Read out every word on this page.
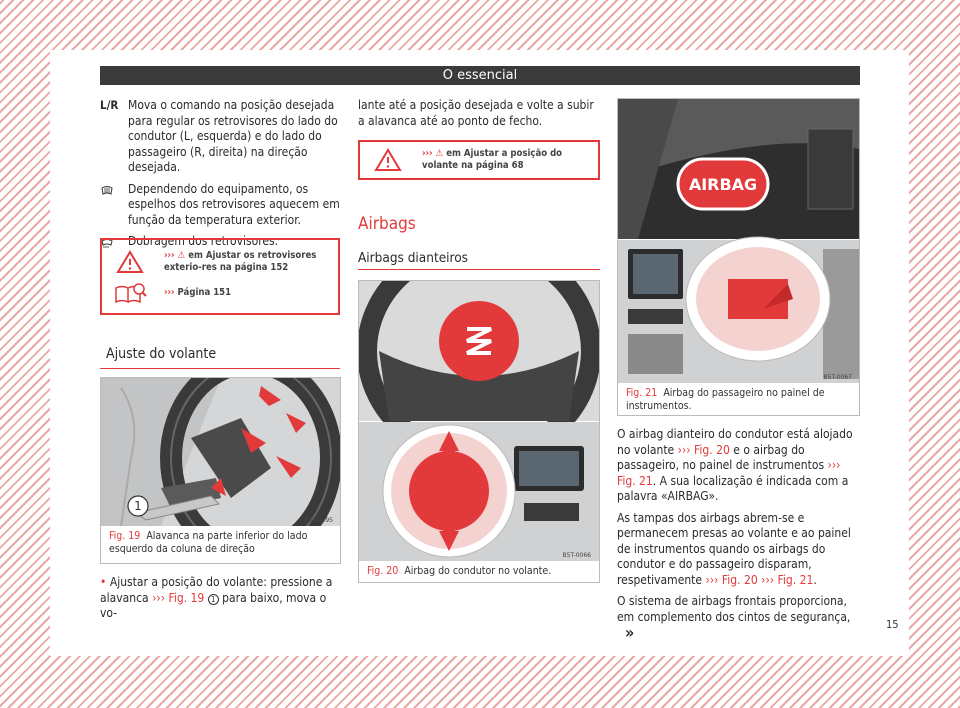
O essencial
L/R Mova o comando na posição desejada para regular os retrovisores do lado do condutor (L, esquerda) e do lado do passageiro (R, direita) na direção desejada.
Dependendo do equipamento, os espelhos dos retrovisores aquecem em função da temperatura exterior.
Dobragem dos retrovisores.
››› ⚠ em Ajustar os retrovisores exterio-res na página 152
››› Página 151
Ajuste do volante
1
B5F-0395
Fig. 19 Alavanca na parte inferior do lado esquerdo da coluna de direção
• Ajustar a posição do volante: pressione a alavanca ››› Fig. 19 1 para baixo, mova o vo-
lante até a posição desejada e volte a subir a alavanca até ao ponto de fecho.
››› ⚠ em Ajustar a posição do volante na página 68
Airbags
Airbags dianteiros
B5T-0066
Fig. 20 Airbag do condutor no volante.
AIRBAG
B5T-0067
Fig. 21 Airbag do passageiro no painel de instrumentos.

O airbag dianteiro do condutor está alojado no volante ››› Fig. 20 e o airbag do passageiro, no painel de instrumentos ››› Fig. 21. A sua localização é indicada com a palavra «AIRBAG».

As tampas dos airbags abrem-se e permanecem presas ao volante e ao painel de instrumentos quando os airbags do condutor e do passageiro disparam, respetivamente ››› Fig. 20 ››› Fig. 21.

O sistema de airbags frontais proporciona, em complemento dos cintos de segurança, »	15
